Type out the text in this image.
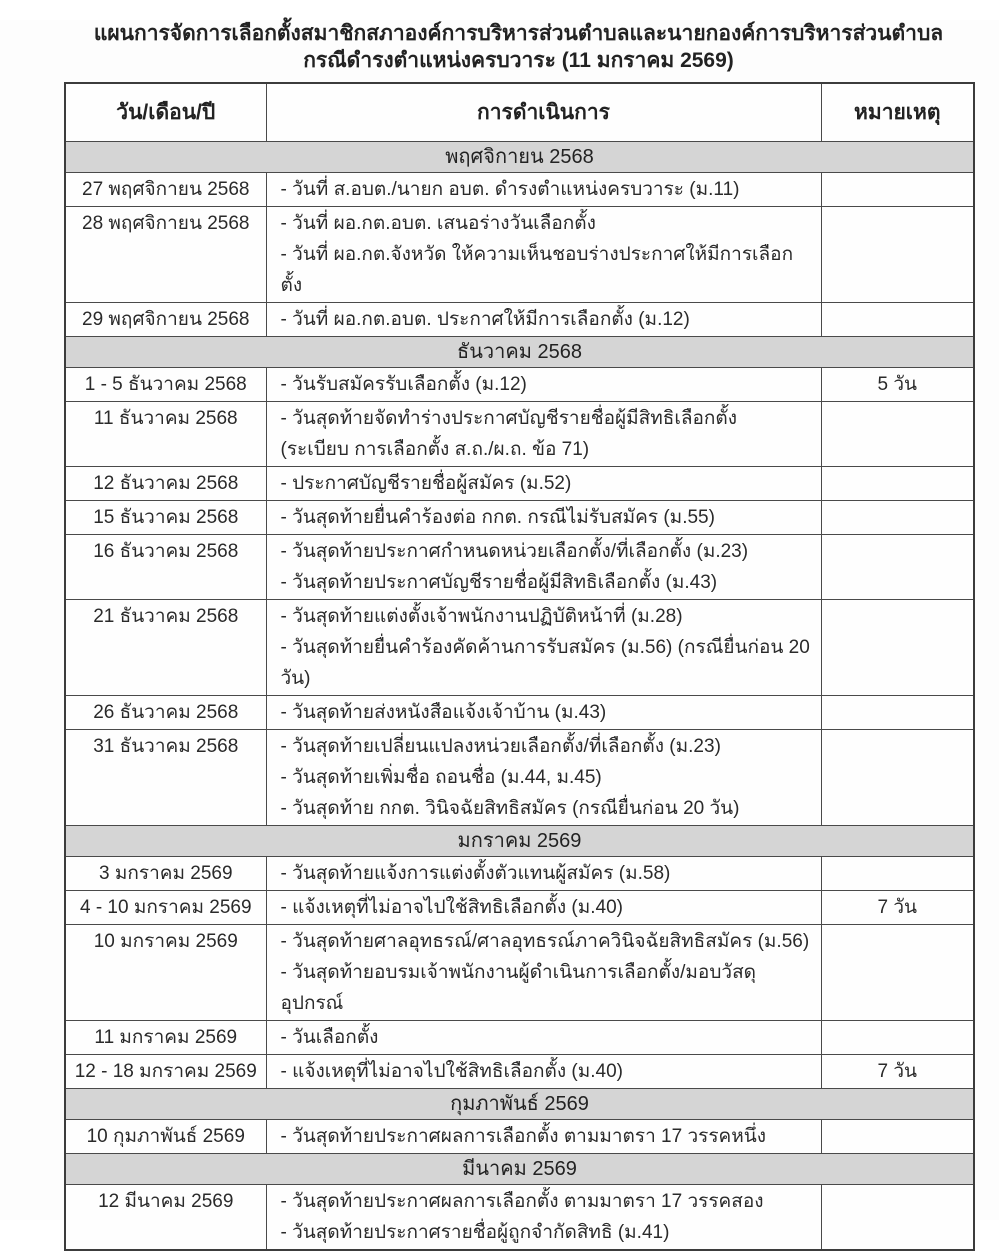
แผนการจัดการเลือกตั้งสมาชิกสภาองค์การบริหารส่วนตำบลและนายกองค์การบริหารส่วนตำบล
กรณีดำรงตำแหน่งครบวาระ (11 มกราคม 2569)
วัน/เดือน/ปี	การดำเนินการ	หมายเหตุ
พฤศจิกายน 2568		
27 พฤศจิกายน 2568	- วันที่ ส.อบต./นายก อบต. ดำรงตำแหน่งครบวาระ (ม.11)	

28 พฤศจิกายน 2568	- วันที่ ผอ.กต.อบต. เสนอร่างวันเลือกตั้ง
- วันที่ ผอ.กต.จังหวัด ให้ความเห็นชอบร่างประกาศให้มีการเลือกตั้ง	

29 พฤศจิกายน 2568	- วันที่ ผอ.กต.อบต. ประกาศให้มีการเลือกตั้ง (ม.12)	

ธันวาคม 2568		
1 - 5 ธันวาคม 2568	- วันรับสมัครรับเลือกตั้ง (ม.12)	5 วัน
11 ธันวาคม 2568	- วันสุดท้ายจัดทำร่างประกาศบัญชีรายชื่อผู้มีสิทธิเลือกตั้ง (ระเบียบ การเลือกตั้ง ส.ถ./ผ.ถ. ข้อ 71)	

12 ธันวาคม 2568	- ประกาศบัญชีรายชื่อผู้สมัคร (ม.52)	

15 ธันวาคม 2568	- วันสุดท้ายยื่นคำร้องต่อ กกต. กรณีไม่รับสมัคร (ม.55)	

16 ธันวาคม 2568	- วันสุดท้ายประกาศกำหนดหน่วยเลือกตั้ง/ที่เลือกตั้ง (ม.23)
- วันสุดท้ายประกาศบัญชีรายชื่อผู้มีสิทธิเลือกตั้ง (ม.43)	

21 ธันวาคม 2568	- วันสุดท้ายแต่งตั้งเจ้าพนักงานปฏิบัติหน้าที่ (ม.28)
- วันสุดท้ายยื่นคำร้องคัดค้านการรับสมัคร (ม.56) (กรณียื่นก่อน 20 วัน)	

26 ธันวาคม 2568	- วันสุดท้ายส่งหนังสือแจ้งเจ้าบ้าน (ม.43)	

31 ธันวาคม 2568	- วันสุดท้ายเปลี่ยนแปลงหน่วยเลือกตั้ง/ที่เลือกตั้ง (ม.23)
- วันสุดท้ายเพิ่มชื่อ ถอนชื่อ (ม.44, ม.45)
- วันสุดท้าย กกต. วินิจฉัยสิทธิสมัคร (กรณียื่นก่อน 20 วัน)	

มกราคม 2569		
3 มกราคม 2569	- วันสุดท้ายแจ้งการแต่งตั้งตัวแทนผู้สมัคร (ม.58)	

4 - 10 มกราคม 2569	- แจ้งเหตุที่ไม่อาจไปใช้สิทธิเลือกตั้ง (ม.40)	7 วัน
10 มกราคม 2569	- วันสุดท้ายศาลอุทธรณ์/ศาลอุทธรณ์ภาควินิจฉัยสิทธิสมัคร (ม.56)
- วันสุดท้ายอบรมเจ้าพนักงานผู้ดำเนินการเลือกตั้ง/มอบวัสดุอุปกรณ์	

11 มกราคม 2569	- วันเลือกตั้ง	

12 - 18 มกราคม 2569	- แจ้งเหตุที่ไม่อาจไปใช้สิทธิเลือกตั้ง (ม.40)	7 วัน
กุมภาพันธ์ 2569		
10 กุมภาพันธ์ 2569	- วันสุดท้ายประกาศผลการเลือกตั้ง ตามมาตรา 17 วรรคหนึ่ง	

มีนาคม 2569		
12 มีนาคม 2569	- วันสุดท้ายประกาศผลการเลือกตั้ง ตามมาตรา 17 วรรคสอง
- วันสุดท้ายประกาศรายชื่อผู้ถูกจำกัดสิทธิ (ม.41)	
